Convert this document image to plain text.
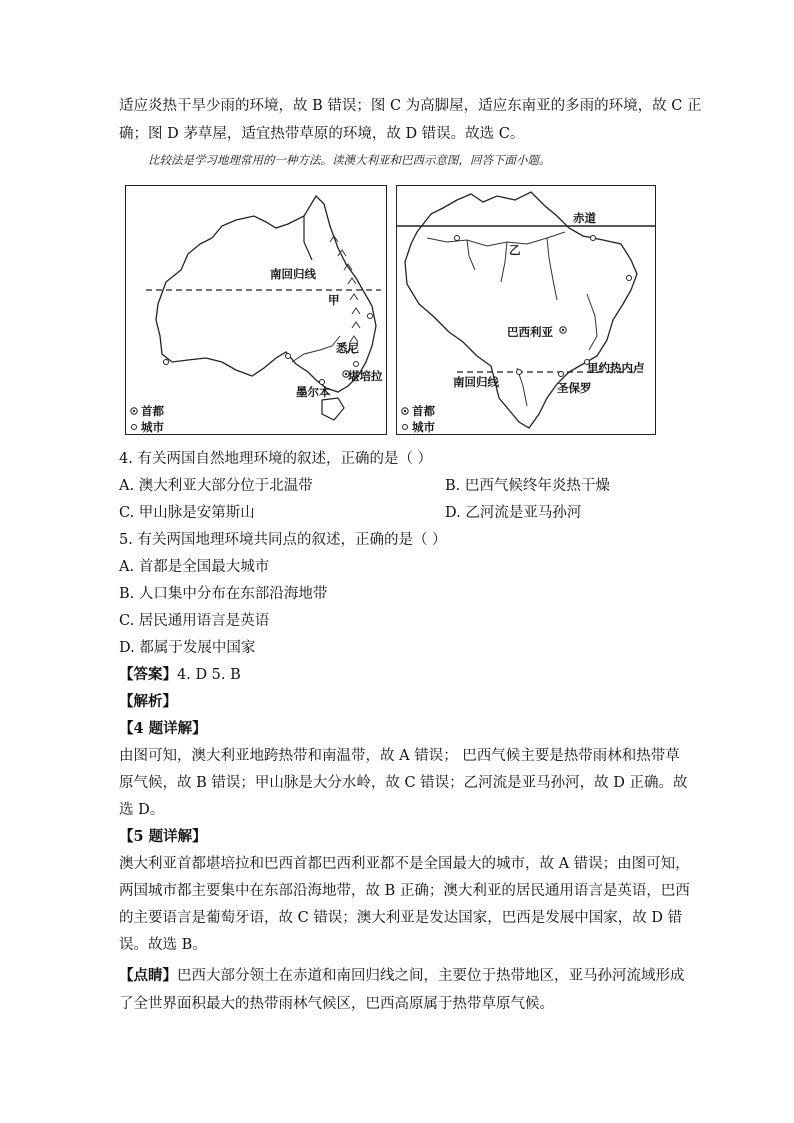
适应炎热干旱少雨的环境，故 B 错误；图 C 为高脚屋，适应东南亚的多雨的环境，故 C 正
确；图 D 茅草屋，适宜热带草原的环境，故 D 错误。故选 C。
比较法是学习地理常用的一种方法。读澳大利亚和巴西示意图，回答下面小题。
南回归线
甲
悉尼
堪培拉
墨尔本
首都
城市
赤道
乙
巴西利亚
里约热内卢
南回归线	圣保罗
首都
城市
4. 有关两国自然地理环境的叙述，正确的是（ ）
A. 澳大利亚大部分位于北温带	B. 巴西气候终年炎热干燥
C. 甲山脉是安第斯山	D. 乙河流是亚马孙河
5. 有关两国地理环境共同点的叙述，正确的是（ ）
A. 首都是全国最大城市
B. 人口集中分布在东部沿海地带
C. 居民通用语言是英语
D. 都属于发展中国家
【答案】4. D 5. B
【解析】
【4 题详解】
由图可知，澳大利亚地跨热带和南温带，故 A 错误； 巴西气候主要是热带雨林和热带草
原气候，故 B 错误；甲山脉是大分水岭，故 C 错误；乙河流是亚马孙河，故 D 正确。故
选 D。
【5 题详解】
澳大利亚首都堪培拉和巴西首都巴西利亚都不是全国最大的城市，故 A 错误；由图可知，
两国城市都主要集中在东部沿海地带，故 B 正确；澳大利亚的居民通用语言是英语，巴西
的主要语言是葡萄牙语，故 C 错误；澳大利亚是发达国家，巴西是发展中国家，故 D 错
误。故选 B。
【点睛】巴西大部分领土在赤道和南回归线之间，主要位于热带地区，亚马孙河流域形成
了全世界面积最大的热带雨林气候区，巴西高原属于热带草原气候。
